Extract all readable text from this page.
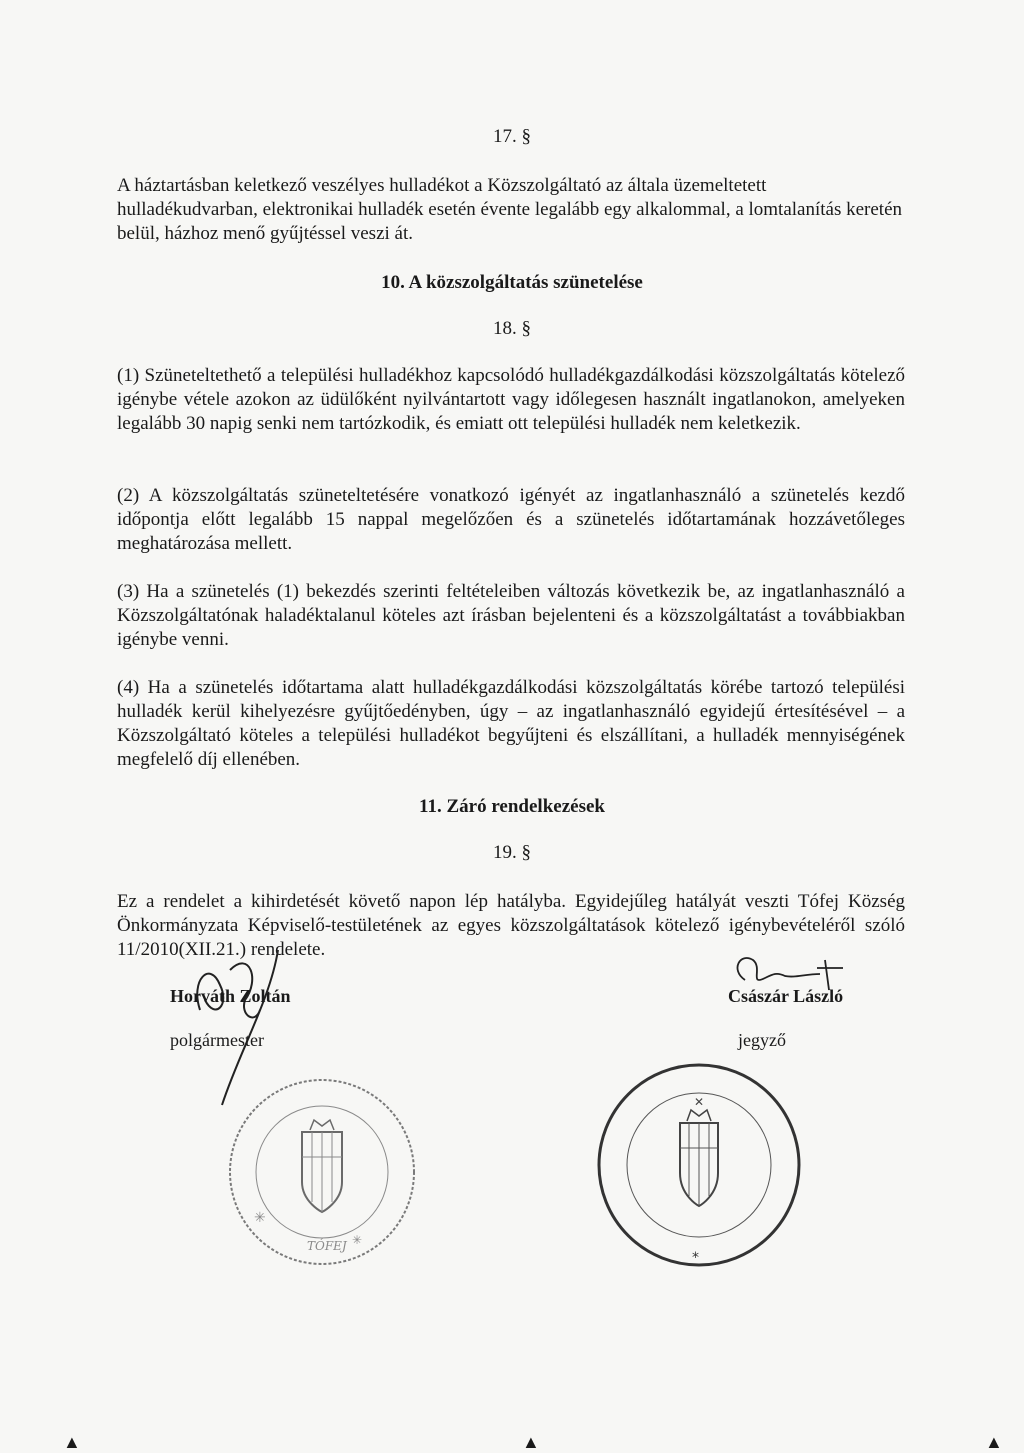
17. §
A háztartásban keletkező veszélyes hulladékot a Közszolgáltató az általa üzemeltetett hulladékudvarban, elektronikai hulladék esetén évente legalább egy alkalommal, a lomtalanítás keretén belül, házhoz menő gyűjtéssel veszi át.
10. A közszolgáltatás szünetelése
18. §
(1) Szüneteltethető a települési hulladékhoz kapcsolódó hulladékgazdálkodási közszolgáltatás kötelező igénybe vétele azokon az üdülőként nyilvántartott vagy időlegesen használt ingatlanokon, amelyeken legalább 30 napig senki nem tartózkodik, és emiatt ott települési hulladék nem keletkezik.
(2) A közszolgáltatás szüneteltetésére vonatkozó igényét az ingatlanhasználó a szünetelés kezdő időpontja előtt legalább 15 nappal megelőzően és a szünetelés időtartamának hozzávetőleges meghatározása mellett.
(3) Ha a szünetelés (1) bekezdés szerinti feltételeiben változás következik be, az ingatlanhasználó a Közszolgáltatónak haladéktalanul köteles azt írásban bejelenteni és a közszolgáltatást a továbbiakban igénybe venni.
(4) Ha a szünetelés időtartama alatt hulladékgazdálkodási közszolgáltatás körébe tartozó települési hulladék kerül kihelyezésre gyűjtőedényben, úgy – az ingatlanhasználó egyidejű értesítésével – a Közszolgáltató köteles a települési hulladékot begyűjteni és elszállítani, a hulladék mennyiségének megfelelő díj ellenében.
11. Záró rendelkezések
19. §
Ez a rendelet a kihirdetését követő napon lép hatályba. Egyidejűleg hatályát veszti Tófej Község Önkormányzata Képviselő-testületének az egyes közszolgáltatások kötelező igénybevételéről szóló 11/2010(XII.21.) rendelete.
Horváth Zoltán
polgármester
Császár László
jegyző
✳
TÓFEJ ✳
✕
*
▲	▲	▲
